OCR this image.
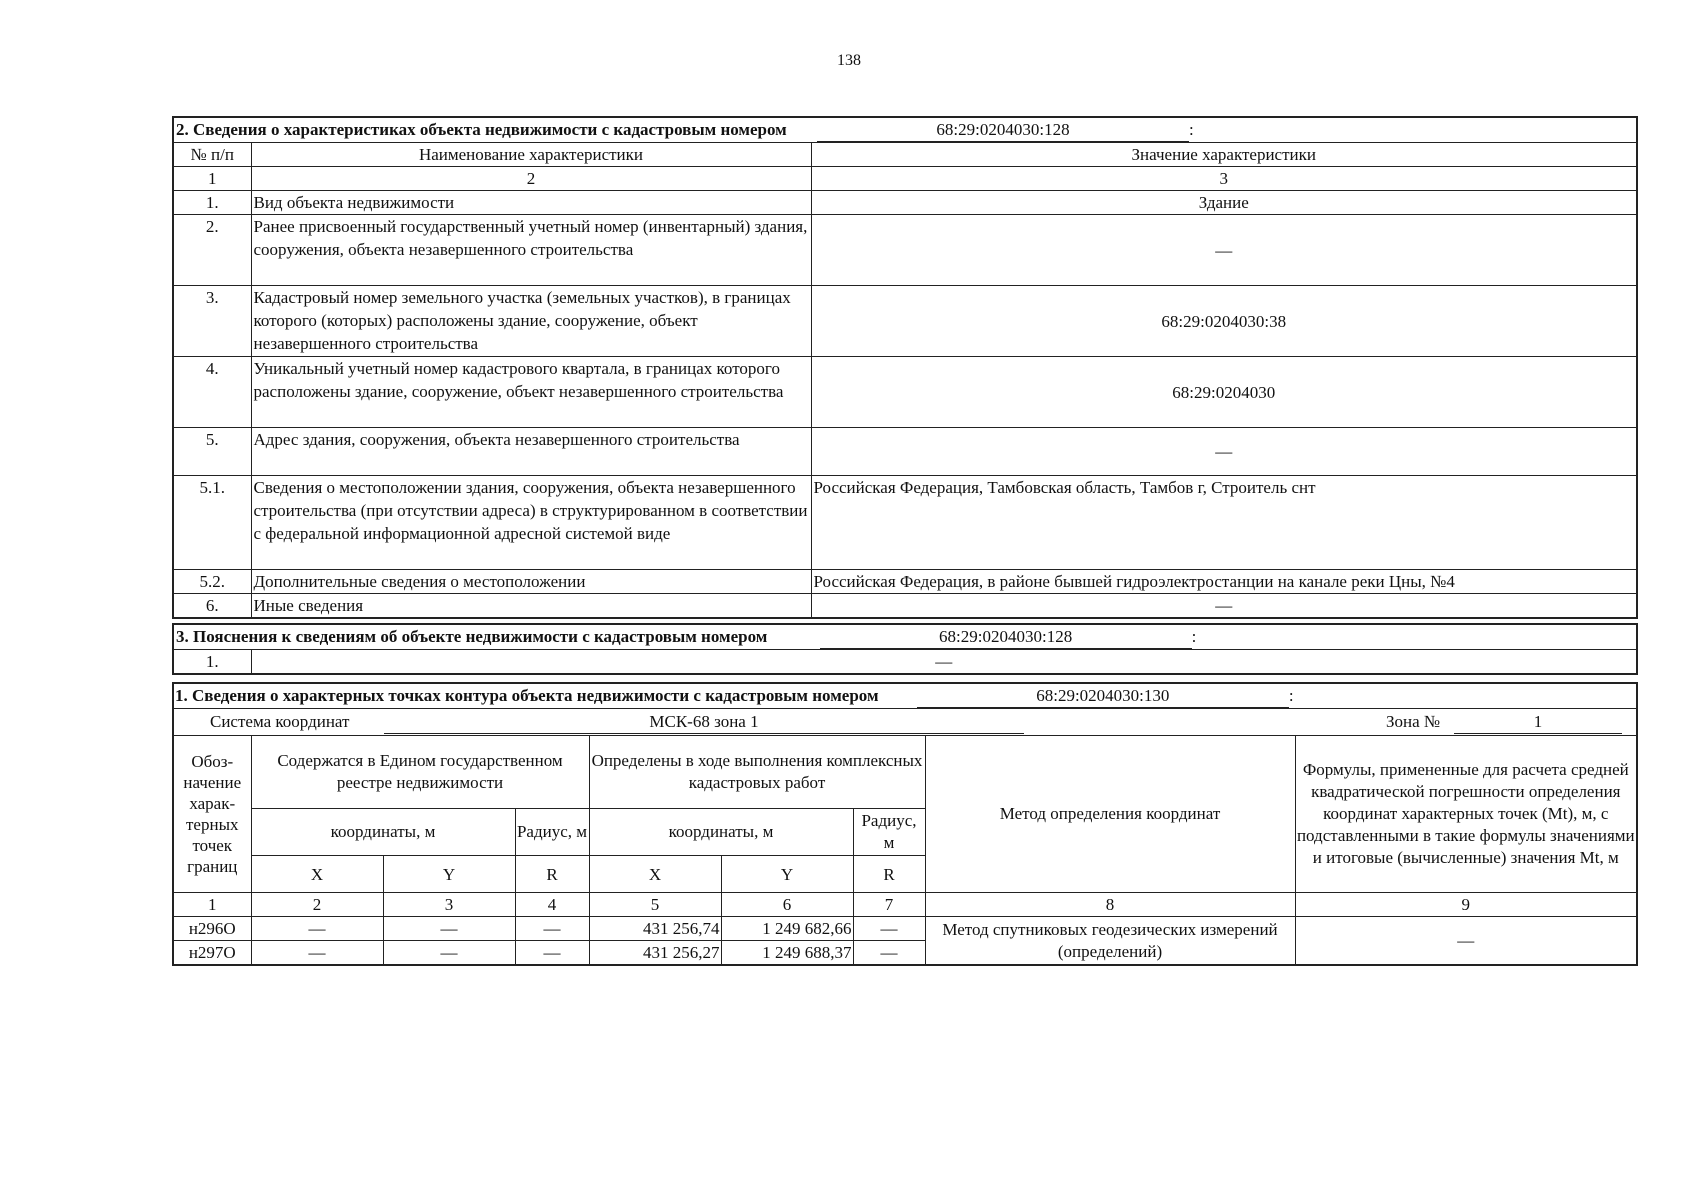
138
2. Сведения о характеристиках объекта недвижимости с кадастровым номером 68:29:0204030:128 :		
№ п/п	Наименование характеристики	Значение характеристики
1	2	3
1.	Вид объекта недвижимости	Здание
2.	Ранее присвоенный государственный учетный номер (инвентарный) здания, сооружения, объекта незавершенного строительства	—
3.	Кадастровый номер земельного участка (земельных участков), в границах которого (которых) расположены здание, сооружение, объект незавершенного строительства	68:29:0204030:38
4.	Уникальный учетный номер кадастрового квартала, в границах которого расположены здание, сооружение, объект незавершенного строительства	68:29:0204030
5.	Адрес здания, сооружения, объекта незавершенного строительства	—
5.1.	Сведения о местоположении здания, сооружения, объекта незавершенного строительства (при отсутствии адреса) в структурированном в соответствии с федеральной информационной адресной системой виде	Российская Федерация, Тамбовская область, Тамбов г, Строитель снт
5.2.	Дополнительные сведения о местоположении	Российская Федерация, в районе бывшей гидроэлектростанции на канале реки Цны, №4
6.	Иные сведения	—
3. Пояснения к сведениям об объекте недвижимости с кадастровым номером	68:29:0204030:128	:
1.	—
1. Сведения о характерных точках контура объекта недвижимости с кадастровым номером 68:29:0204030:130 :								

Система координат МСК-68 зона 1 Зона № 1								

Обоз-начение харак-терных точек границ	Содержатся в Едином государственном реестре недвижимости			Определены в ходе выполнения комплексных кадастровых работ			Метод определения координат	Формулы, примененные для расчета средней квадратической погрешности определения координат характерных точек (Mt), м, с подставленными в такие формулы значениями и итоговые (вычисленные) значения Mt, м
	координаты, м		Радиус, м	координаты, м		Радиус, м		
	X	Y	R	X	Y	R		
1	2	3	4	5	6	7	8	9
н296О	—	—	—	431 256,74	1 249 682,66	—	Метод спутниковых геодезических измерений (определений)	—
н297О	—	—	—	431 256,27	1 249 688,37	—		
